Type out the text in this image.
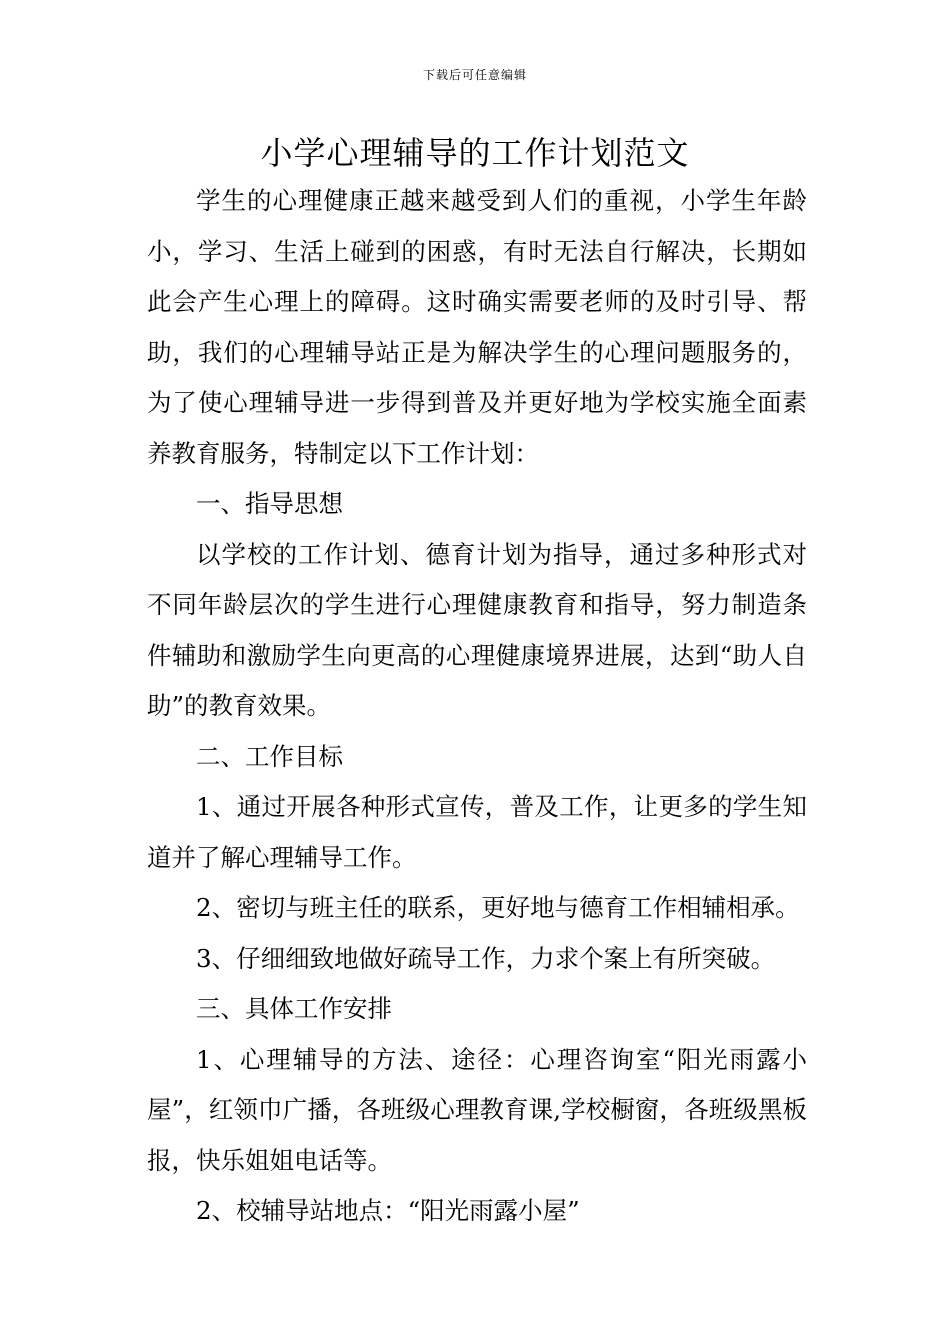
下载后可任意编辑
小学心理辅导的工作计划范文

学生的心理健康正越来越受到人们的重视，小学生年龄小，学习、生活上碰到的困惑，有时无法自行解决，长期如此会产生心理上的障碍。这时确实需要老师的及时引导、帮助，我们的心理辅导站正是为解决学生的心理问题服务的，为了使心理辅导进一步得到普及并更好地为学校实施全面素养教育服务，特制定以下工作计划：

一、指导思想

以学校的工作计划、德育计划为指导，通过多种形式对不同年龄层次的学生进行心理健康教育和指导，努力制造条件辅助和激励学生向更高的心理健康境界进展，达到“助人自助”的教育效果。

二、工作目标

1、通过开展各种形式宣传，普及工作，让更多的学生知道并了解心理辅导工作。

2、密切与班主任的联系，更好地与德育工作相辅相承。

3、仔细细致地做好疏导工作，力求个案上有所突破。

三、具体工作安排

1、心理辅导的方法、途径：心理咨询室“阳光雨露小屋”，红领巾广播，各班级心理教育课,学校橱窗，各班级黑板报，快乐姐姐电话等。

2、校辅导站地点：“阳光雨露小屋”
